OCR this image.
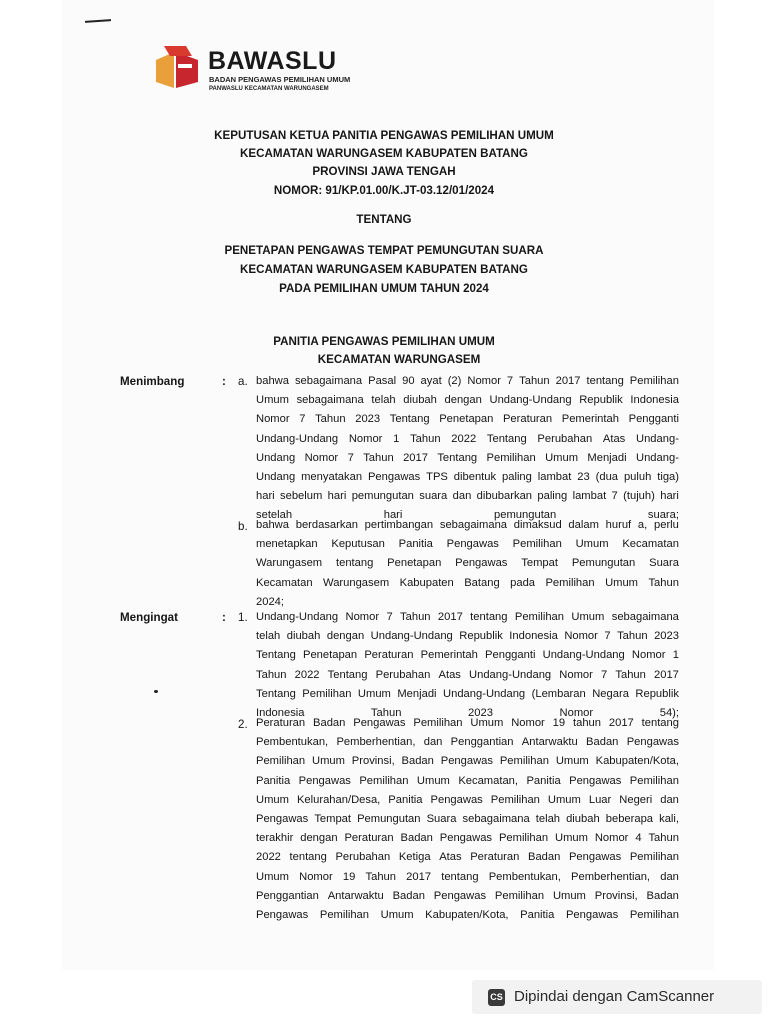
BAWASLU
BADAN PENGAWAS PEMILIHAN UMUM
PANWASLU KECAMATAN WARUNGASEM
KEPUTUSAN KETUA PANITIA PENGAWAS PEMILIHAN UMUM
KECAMATAN WARUNGASEM KABUPATEN BATANG
PROVINSI JAWA TENGAH
NOMOR: 91/KP.01.00/K.JT-03.12/01/2024
TENTANG
PENETAPAN PENGAWAS TEMPAT PEMUNGUTAN SUARA
KECAMATAN WARUNGASEM KABUPATEN BATANG
PADA PEMILIHAN UMUM TAHUN 2024
PANITIA PENGAWAS PEMILIHAN UMUM
KECAMATAN WARUNGASEM
Menimbang	: a. bahwa sebagaimana Pasal 90 ayat (2) Nomor 7 Tahun 2017 tentang Pemilihan
Umum sebagaimana telah diubah dengan Undang-Undang Republik Indonesia
Nomor 7 Tahun 2023 Tentang Penetapan Peraturan Pemerintah Pengganti
Undang-Undang Nomor 1 Tahun 2022 Tentang Perubahan Atas Undang-
Undang Nomor 7 Tahun 2017 Tentang Pemilihan Umum Menjadi Undang-
Undang menyatakan Pengawas TPS dibentuk paling lambat 23 (dua puluh tiga)
hari sebelum hari pemungutan suara dan dibubarkan paling lambat 7 (tujuh) hari
setelah hari pemungutan suara;
b. bahwa berdasarkan pertimbangan sebagaimana dimaksud dalam huruf a, perlu
menetapkan Keputusan Panitia Pengawas Pemilihan Umum Kecamatan
Warungasem tentang Penetapan Pengawas Tempat Pemungutan Suara
Kecamatan Warungasem Kabupaten Batang pada Pemilihan Umum Tahun
2024;
Mengingat	: 1. Undang-Undang Nomor 7 Tahun 2017 tentang Pemilihan Umum sebagaimana
telah diubah dengan Undang-Undang Republik Indonesia Nomor 7 Tahun 2023
Tentang Penetapan Peraturan Pemerintah Pengganti Undang-Undang Nomor 1
Tahun 2022 Tentang Perubahan Atas Undang-Undang Nomor 7 Tahun 2017
Tentang Pemilihan Umum Menjadi Undang-Undang (Lembaran Negara Republik
Indonesia Tahun 2023 Nomor 54);
2. Peraturan Badan Pengawas Pemilihan Umum Nomor 19 tahun 2017 tentang
Pembentukan, Pemberhentian, dan Penggantian Antarwaktu Badan Pengawas
Pemilihan Umum Provinsi, Badan Pengawas Pemilihan Umum Kabupaten/Kota,
Panitia Pengawas Pemilihan Umum Kecamatan, Panitia Pengawas Pemilihan
Umum Kelurahan/Desa, Panitia Pengawas Pemilihan Umum Luar Negeri dan
Pengawas Tempat Pemungutan Suara sebagaimana telah diubah beberapa kali,
terakhir dengan Peraturan Badan Pengawas Pemilihan Umum Nomor 4 Tahun
2022 tentang Perubahan Ketiga Atas Peraturan Badan Pengawas Pemilihan
Umum Nomor 19 Tahun 2017 tentang Pembentukan, Pemberhentian, dan
Penggantian Antarwaktu Badan Pengawas Pemilihan Umum Provinsi, Badan
Pengawas Pemilihan Umum Kabupaten/Kota, Panitia Pengawas Pemilihan
CS Dipindai dengan CamScanner
